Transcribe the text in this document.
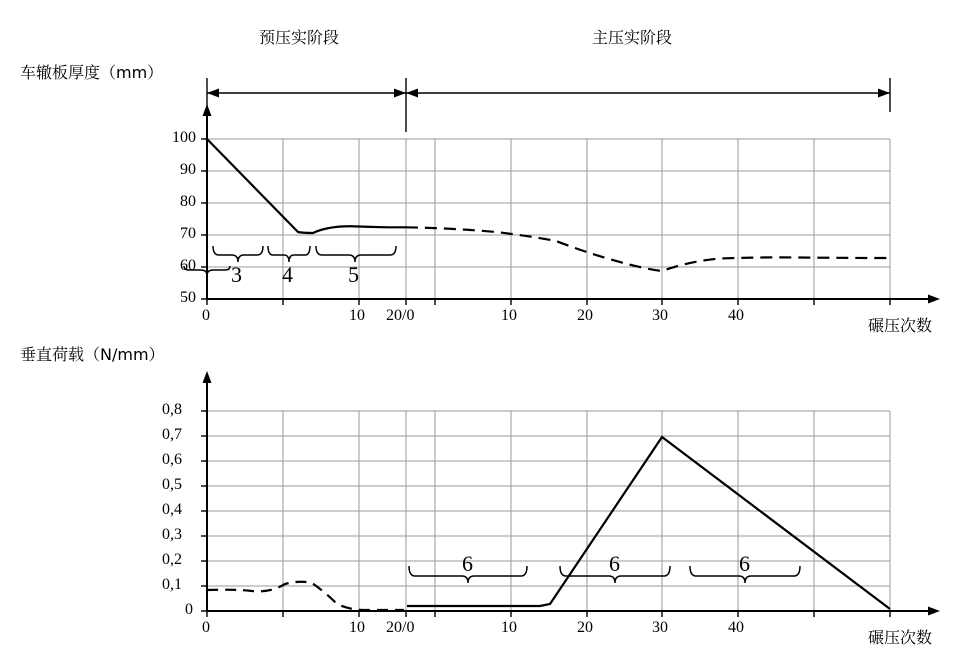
预压实阶段	主压实阶段
车辙板厚度（mm）
碾压次数
100
90
80
70
60
50
0	10 20/0	10	20	30	40
3 4	5
垂直荷载（N/mm）
碾压次数
0,8
0,7
0,6
0,5
0,4
0,3
0,2
0,1
0
0	10 20/0	10	20	30	40
6	6	6
